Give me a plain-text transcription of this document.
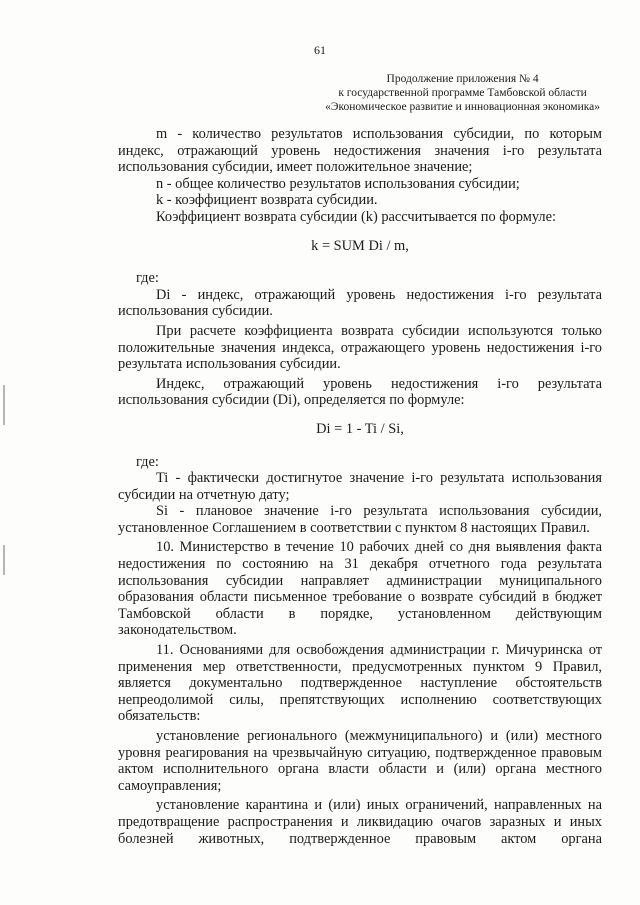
61
Продолжение приложения № 4
к государственной программе Тамбовской области
«Экономическое развитие и инновационная экономика»

m - количество результатов использования субсидии, по которым индекс, отражающий уровень недостижения значения i-го результата использования субсидии, имеет положительное значение;

n - общее количество результатов использования субсидии;

k - коэффициент возврата субсидии.

Коэффициент возврата субсидии (k) рассчитывается по формуле:

k = SUM Di / m,

где:

Di - индекс, отражающий уровень недостижения i-го результата использования субсидии.

При расчете коэффициента возврата субсидии используются только положительные значения индекса, отражающего уровень недостижения i-го результата использования субсидии.

Индекс, отражающий уровень недостижения i-го результата использования субсидии (Di), определяется по формуле:

Di = 1 - Ti / Si,

где:

Ti - фактически достигнутое значение i-го результата использования субсидии на отчетную дату;

Si - плановое значение i-го результата использования субсидии, установленное Соглашением в соответствии с пунктом 8 настоящих Правил.

10. Министерство в течение 10 рабочих дней со дня выявления факта недостижения по состоянию на 31 декабря отчетного года результата использования субсидии направляет администрации муниципального образования области письменное требование о возврате субсидий в бюджет Тамбовской области в порядке, установленном действующим законодательством.

11. Основаниями для освобождения администрации г. Мичуринска от применения мер ответственности, предусмотренных пунктом 9 Правил, является документально подтвержденное наступление обстоятельств непреодолимой силы, препятствующих исполнению соответствующих обязательств:

установление регионального (межмуниципального) и (или) местного уровня реагирования на чрезвычайную ситуацию, подтвержденное правовым актом исполнительного органа власти области и (или) органа местного самоуправления;

установление карантина и (или) иных ограничений, направленных на предотвращение распространения и ликвидацию очагов заразных и иных болезней животных, подтвержденное правовым актом органа
